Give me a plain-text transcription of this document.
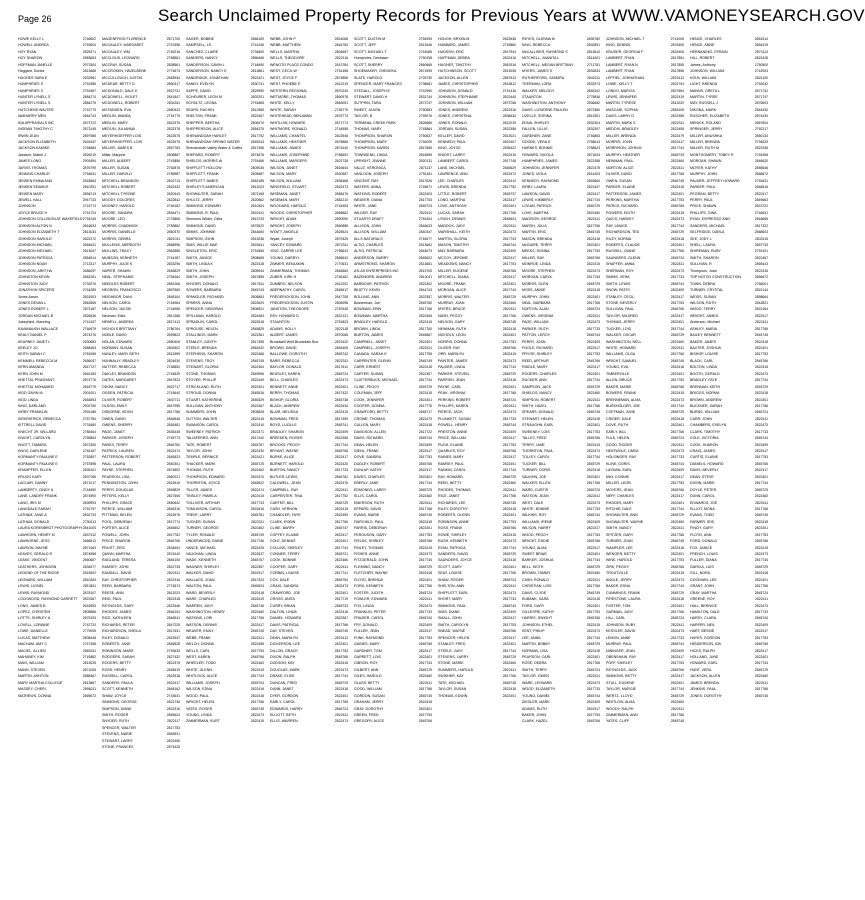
Page 26	Search Unclaimed Property Records for Previous Years at WWW.VAMONEYSEARCH.GOV
HOWE KELLY L	2746602
HOWELL ANDREA	2753604
HOY RYAN	2825371
HOY SHARON	2883663
HOFFMAN JANELLE	2973304
Hoggard, Donita	2813668
HUGHES SARA E	2632981
HUMPHRIES S	2751985
HUMPHRIES S	2751987
HUNTER LYNELL S	2884274
HUNTER LYNELL S	2884275
HUTCHENS WALTER	2742779
IAMHARRY MEN	2844743
IDA APPRAISALS INC	2873722
INGRAM TIMOTHY C	2873145
IRWIN JEAN	2897985
JACKSON ELIZABETH	2624347
JACKSON KAMIKE	2746684
Jackson, Mabel J	2826219
JAMES LONG	2903494
JARVIS THOMAS	2876799
JENKINS CHARLIE	2754631
JENSEN EMMA AND	2818663
JENSEN SEAMUS	2810251
JENSEN MARY	2894213
JEWELL HALL	2947733
JOHNSON	2715774
JOYCE BRUCE H	2751724
JOHNSON COLLISION AT WAKEFIELD 2754245
JOHNSON ALTON N	2816633
JOHNSON ELIZABETH T	2813034
JOHNSON HAROLD	2622272
JOHNSON MICHAEL	2654631
JOHNSON MICHAEL	2613047
JOHNSON PATRICIA	2854814
JOHNSON NOAH	2713317
JOHNSON, ARETHA	2686097
JOHNSTON KEVIN	2862261
JOHNSTON JUDY	2732076
JONATHON SPICERS	2744289
Jones Aaron	2831903
JONES DEVAN L	2862855
JONES ROBERT L	2871187
JORDAN MICHAEL B	2826636
Josephine, Manning	2741437
KAVANAUGH WALLACE	2746679
KEALY DANIEL P	2874276
KEARNEY JANET L	2630683
KEELEY JO	2688453
KEITH SARAH C	2781965
KEMMELL REBECCA M	2656047
KERN AMANDA	2647727
KERN JOHN M	2662183
KHETTAL PRASHANT	2874776
KHETTAL MOHAMED	2818779
KIDD GAVIN M	2901001
KIDD LINDA	2654893
KING, DARLAND	2902760
KIRBY FRANKLIN	2901186
KIRKPATRICK, REBECCA	2757784
KITTRELL DAVID	2731860
KNECHT JR. WILLARD	2785464
KNIGHT, CAROLYN	2755863
KNOTT, TAMARA	2872305
KNOX, DARLENE	2761167
KORMANTY PAULINE E	2752897
KORMANTY PAULINE E	2757898
KRAMPFER, ELLEN	2835101
KRUGG KARY	2870765
LACLAIR, DANNY	2871017
LAMBERTY, CINDY A	2744690
LANE, LANDRY FRANK	2874590
LANG, IRIS M	2839993
LANGDALE SARAH	2751797
LATHAM, JANE A	2832733
LATHAM, DONALD	2730413
LAURA KORENBROT PHOTOGRAPHY 2841004
LAWHORN, HENRY M	2837312
LAWHORNE, JESS	2666612
LAWSON, MAYNE	2871063
LEAVES, GERALD R	2874858
LEAKE, VINCENT	2660687
LEATHERS, JOHNSON	2834577
LEGEND OF THE RIDGE	2815502
LEONARD, WILLIAM	2810263
LEWIS, LIONEL	2813811
LEWIS, RAYMOND	2878107
LOCKWOOD, RAYMOND GARRETT 2837667
LONG, JAMES B	2616993
LOPEZ, CHRISTEN	2805885
LOTTS, SHIRLEY A	2675193
LOVELL, LORAINE	2742720
LOWE, DANIELLE	2779005
LUCAS, MATTHEW	2808448
MACHAM, AMY C	2747498
MACIEL, ALLIEN	2683311
MAHANEY, KIM	2749882
MAIN, WILLIAM	2813025
MANN, STEVEN	2871005
MARTIN, ASHTON	2888467
MARY MARTHA COLLEGE	2813867
MASSEY, CHERI	2896211
MATHEWS, DONNA	2869672
MAGENFROG FLORENCE	2871700
MCCAULEY, MARGARET	2757698
MCCAULEY, WM	2745216
MCCLOUD, LEONARD	2768561
MCCRAY, SUSAN	2838561
MCCROKEN, HAZELBENE	2774874
MCCULLOUGH, JUSTIN	2683934
MCDEAR, BETTY D	2860317
MCDONALD, DALE E	2822731
MCDOWELL, VIOLET	2841847
MCDOWELL, ROBERT	2834311
MCFADDEN, EVA	2860423
MEDLIN, WANDA	2744775
MEDLIN, MARY	2822375
MEDLIN, JULIANNA	2822376
MEYERHOEFFER LOIS	2822675
MEYERHOEFFER, LOIS	2822675
MILLER, JAMES B	2867763
Millar, Marjorie	2808867
MILLER, ALBERT	2743856
MILLER, SUSAN	2752876
MILLER, HAROLD	2789987
MITCHELL BRANDON	2831713
MITCHELL ROBERT	2822442
MITCHELL TYRONE	2820443
MOODY, DOLORES	2822842
MOONEY, HAROLD	2746162
MOORE, SANDRA	2846471
MOORE, LEO	2776866
MORRIS, CHADWICK	2783862
MORRIS, DANIELLE	2850370
MORRIS, DEBRA	2821011
MULLENIX, MEREDITH	2868996
MULLINS, TRACY	2862885
MUNSON, KENNETH	2744187
MURPHY, JULIE K	2833296
NAPIER, SHAWN	2846829
NEAL, STEPHANIE	2754464
NEEDLES ROBERT	2881266
NEGRON, FRANCISCO	2857560
NEIGHBOR, DANI	2848104
NELSON, CAROL	2744964
NELSON, JACOB	2744965
Neuman, Elliot	2811368
NEWELL, ANDREA	2817413
NICHOLS BRITTANY	2786764
NOBLE, DAVID	2899823
NOLAN, EDWARD	2850406
NORMAN, SUSAN	2803402
NUNLEY, MARY BETH	2812659
NUNNALLY, BRADLEY	2824630
NUTTER, REBECCA	2748852
OAKLEY, BRANDON	2744829
OATES, MARGARET	2847823
ODOM, NANCY	2822717
OGDEN, PATRICIA	2743640
OLIVER, ROBERT	2847711
OLSON, EMILY	2847955
OSBORNE, KEVIN	2817786
OWEN, DAVID	2846546
OWENS, SHERRY	2845481
PAGE, JANET	2835445
PARKER, JOSEPH	2745773
PARKS, TERRY	2845760
PATRICK, LAUREN	2822474
PATTERSON, ROBERT	2845523
PAUL, LAURA	2840301
PAYNE, STEPHEN	2874892
PEARSON, LISA	2860221
PENNINGTON, JOHN	2822616
PERRY, DOUGLAS	2845829
PETERS, KELLY	2817606
PHILLIPS, GRACE	2850642
PIERCE, WILLIAM	2846316
PITTMAN, HELEN	2822676
POOL, DEBORAH	2817774
PORTER, ALICE	2845602
POWELL, JOHN	2817762
PRICE, SHARON	2845766
PRUITT, ERIC	2834604
QUINN, MARTHA	2874442
RAGLAND, TERESA	2846106
RAMSEY, JOHN	2822735
RANDALL, DAVID	2822411
RAY, CHRISTOPHER	2822316
REED, BARBARA	2774874
REESE, ANN	2812023
REID, PAUL	2822318
REYNOLDS, GARY	2823346
RHODES, JAMES	2846104
RICE, KATHLEEN	2846541
RICHARDS, PETER	2847225
RICHARDSON, SHEILA	2817631
RILEY, DONALD	2822647
ROBERTS, JANE	2846528
ROBINSON, MARK	2753633
RODGERS, SARAH	2827432
ROGERS, BETTY	2822376
ROSS, HENRY	2845619
RUSSELL, CAROL	2822618
SANDERS, PAULA	2822417
SCOTT, KENNETH	2848162
SHAW, JOYCE	2743631
SIMMONS, GEORGE	2822736
SIMPSON, DIANE	2822316
SMITH, ROGER	2845624
SNYDER, RUTH	2822117
SPENCER, WALTER	2817753
STEVENS, MARIE	2845531
STEWART, LARRY	2822456
STONE, FRANCES	2874425
SAGER, BOBBIE	2866169
SAMPSELL, LE	2741446
SANCHEZ, CLAIRE	2734800
SANDERS, NANCY	2856466
SANDERSON, GAVIN L	2744690
SANDERSON, NANCY E	2813861
SANDRIDGE, JONATHAN	2822421
SANDY, EVELYN	2830741
SAPPE, DAVID	2829950
SCHEURER, LEON M	2802201
SCHOLTZ, LEONA	2751865
SEARS, RACHEL	2812985
SHELTON, FRANK	2822457
SHEPPER, BERTHA	2806470
SHEPPERSON, ALICE	2854375
SHENANDOAH HARLEY	2817792
SHENANDOAH SPRING WATER	2845243
Shenandoah Valley Water & Coffee	2817456
SHEPARD, ROBERT	2874876
SHIELDS, MORRIS W	2751666
SHIFFLETT HOLLOW	2809035
SHIFFLETT, FRANK	2805587
SHIFFLETT JAMES	2862185
SHIRLEY'S AMERICAN	2812023
SHOWALTER, SARAH	2871165
SHULTZ, JERRY	2820862
SIMMONS, EDWARD	2810404
SIMMONS, R. PAUL	2822441
Simmons Wilder, Celia	2813733
SIMMONS, DAVID	2875522
SIMMS, JOHNNIE	2844660
SIMPSON, JOHN	2813036
SIMS, WILLIE MAE	2822641
SINGLETON, ERIC	2751865
SMITH, JANICE	2808665
SMITH, LINDA K	2822418
SMITH, JOHN	2805944
SMITH, JOSEPH	2847855
SNYDER, DONALD	2817611
SOWERS, BARBARA	2845743
SPANGLER, RICHARD	2805863
SPARKS, ANNA	2822620
SPENCER, DEBORAH	2806521
SPILLMAN, HAROLD	2824483
SPRADLIN, CAROL	2822618
SPROUSE, HELEN	2845829
STALLINGS, MARK	2822361
STANLEY, JUDITH	2817455
STEELE, BRENDA	2863432
STEPHENS, SHARON	2822466
STEVENS, TROY	2845745
STEWART, GLORIA	2822364
STONE, THOMAS	2849996
STOVER, PHILLIP	2822449
STRICKLAND, RUTH	2822401
STROUD, DONNA	2845516
STUART, KATHERINE	2846329
SULLIVAN, ANTHONY	2822467
SUMMERS, JOHN	2805828
SUTTON, WALTER	2822415
SWANSON, CAROL	2822410
SWEENEY, PATRICK	2822371
TALIAFERRO, ANN	2817442
TATE, ROBERT	2845767
TAYLOR, JOHN	2822430
TEMPLE, BERNICE	2822421
THACKER, MARK	2845725
THOMAS, RUTH	2822462
THOMPSON, EDWARD	2822470
THORNTON, JOYCE	2845622
TILLER, JAMES	2822474
TINSLEY, PAMELA	2822415
TOLLIVER, ARTHUR	2817733
TOMLINSON, CAROL	2822616
TRENT, LARRY	2845781
TUCKER, SUSAN	2822311
TURNER, GEORGE	2822462
TYLER, RONALD	2845749
UNDERWOOD, DIANE	2817746
VANCE, MICHAEL	2822425
VAUGHAN, LINDA	2822637
WADE, KENNETH	2845767
WAGNER, SHIRLEY	2822357
WALKER, DAVID	2822417
WALLACE, JOAN	2817423
WALTON, PAUL	2845524
WARD, BEVERLY	2822418
WARE, CHARLES	2822419
WARREN, JUDY	2845746
WASHINGTON, HENRY	2822460
WATKINS, LORI	2817766
WATSON, DENNIS	2822417
WEAVER, EMILY	2845745
WEBB, FRANK	2822411
WELCH, DONNA	2822455
WELLS, CARL	2817753
WEST, KAREN	2845766
WHEELER, TODD	2822460
WHITE, GLENN	2822419
WHITLOCK, ALICE	2817743
WILLIAMS, JOSEPH	2845704
WILSON, EDNA	2822416
WOOD, PAUL	2822418
WRIGHT, HELEN	2817766
YATES, ROGER	2845745
YOUNG, LINDA	2822473
ZIMMERMAN, KURT	2822415
WEBB, JOHN P	2814068
WEBB, MATTHEW	2844763
WELLS, MARTHA	2804657
WELLS, THEODORE	2822116
WENOTO PLACE CONDO	2813784
WEST, CECIL W	2761458
WEST, JOYCE F	2874858
WEST, PHOEBE E	2812219
WESTERN REGIONAL	2870240
WETMORE, THOMAS	2860978
WHITE, KELLY	2863051
WHITE, SARAH	2745775
WHITEHEAD, BENJAMIN	2876773
WHITLOW, HOWARD	2871774
WHITMORE, RONALD	2744558
WILLIAMS, CHANTEL	2822546
WILLIAMS, HEATHER	2876866
WILLIAMS, JAMES	2874440
WILLIAMS, JOSEPHINE	2768602
WILLIAMS, MARGERY	2822728
WILSON, JANET	2816644
WILSON, MARY	2820487
WILSON, WILLIAM	2836468
WINGFIELD, STUART	2822473
WISEMAN, JANET	2868476
WISEMAN, MARY	2882210
WOODARD, HAROLD	2744453
WOODS, CHRISTOPHER	2868862
WRIGHT, ADAM	2890090
WRIGHT, JOSEPH	2860888
WYATT, ANGELA	2825524
Wyatt, Joseph	2879325
YANCEY, EDWARD	2872311
YING, CARRIE LEE	2765643
YOUNG, DARRYL	2865642
ZIMMER, BENJAMIN	2770631
ZIMMERMAN, THOMAS	2846560
ZUBER, KIRK H	2746162
ZUMBRO, NELSON	2812202
ABERNATHY, CAROL	2845617
FREDERICKSON, JOHN	2847708
FREDERICKSON, JUSTIN	2805098
JANSTON, THEODORE	2787645
REV. HOWARD D	2822121
STAUNTON	2751823
ADAMS, HOLLY	2822118
ALBERT, JAMES	2870066
Broadwell Wolf Brookdale Box	2822420
BROWN, DAVID	2846405
BALLOWE, DOROTHY	2863742
BARR, REBECCA	2822311
BAYLOR, DONALD	2817612
BEASLEY, KAREN	2845724
BELL, CHARLES	2822473
BENNETT, ANNE	2822401
BERRY, THOMAS	2817422
BISHOP, GLORIA	2845738
BLACK, ANDREW	2822434
BLAIR, MELISSA	2822415
BOWMAN, FRED	2817459
BOYD, LUCILLE	2845741
BRADLEY, SHARON	2822409
BREEDEN, ROGER	2822356
BROOKS, PEGGY	2817744
BRYANT, WAYNE	2845766
BURKE, ALICE	2822417
BURNETT, HAROLD	2822425
BURTON, NANCY	2817733
BUTLER, LEWIS	2845762
CALDWELL, JEAN	2822476
CAMPBELL, RAY	2822411
CARPENTER, TINA	2817752
CARTER, BILL	2845729
CASH, VERNON	2822415
CHANDLER, FAYE	2822459
CLARK, ROBIN	2817766
CLINE, BARRY	2845747
COFFEY, ELAINE	2822417
COLE, DENNIS	2822401
COLLINS, SHIRLEY	2817744
CONNER, TERRY	2845721
COOK, BONNIE	2822466
COOPER, GARY	2822411
CORBIN, LOUISE	2817741
COX, DALE	2845754
CRAIG, SANDRA	2822473
CRAWFORD, JOE	2822401
CROSS, ANITA	2817719
CURRY, BRIAN	2845733
DALTON, LINDA	2822418
DANIEL, HOWARD	2822367
DAVIS, PATRICIA	2817766
DAY, STEVEN	2845745
DEAN, MARILYN	2822412
DICKERSON, LEE	2822401
DILLON, GRACE	2817753
DIXON, RALPH	2845766
DODSON, KAY	2822415
DOUGLAS, MARK	2822473
DRAKE, ELSIE	2817744
DUNCAN, FRED	2845729
DUNN, JANET	2822418
DYER, GORDON	2822401
EARLY, CAROL	2817766
EDWARDS, HARRY	2845724
ELLIOTT, BETH	2822411
ELLIS, WARREN	2822473
SCOTT, DUSTIN M	2754905
SCOTT, JEFF	2813446
SCOTT, MICHAEL T	2744085
Humphries, Deshawn	2750198
SCOTT, SHERRY	2860665
SHOEMAKER, CHEDEKA	2871595
SLATE, HAROLD	2725730
SPENCER, MARY FRANCES	2738681
STEGALL, JOSEPH E	2742950
STEWART, DAVID H	2831744
SUTPHIN, TARA	2873737
SWEET, JASON	2750583
TAYLOR, B	2759076
TERMINAL CREEK PARK	2826666
THOMAS, MARY	2745864
THOMPSON, SHARON	2760637
THOMPSON, MARY	2746009
THOMPSON, KAREN	2817665
TOWNSEND, LINDA	2816655
UPRIGHT, JEANNE	2820131
VALLE, VERONICA	2871137
VANLOON, JOSEPH	2751181
VINCENT, RAY	2817626
WATERS, ANNA	2745671
WATKINS, ROBERT	2822403
WEAVER, DIANA	2817753
WHITE, JANE	2845723
WILDER, RAY	2822411
STUARTS DRAFT	2781404
ALLISON, JOHN	2846633
ALLISON, WILLIAM	2840347
ALLS NATURALS	2744677
ALTIG, CHARLES	2813662
ALTIG, PATRICIA	2844673
ANDERSON, BARRY	2845622
ARMSTRONG, SHARON	2813681
ATLAS ENTERPRISES INC	2813705
BAZEMORE, ANDREW	2813011
BARBOUR, PATRICK	2822402
BEATTY, KEVIN	2844743
BOLLING, ANN	2822357
Bosserman, Joe	2845760
BOWMAN, ERIN	2817766
BOWMAN, MARTHA	2822406
BRADLEY, HAROLD	2822415
BROWN, LINDA	2817760
BURTON, JAMES	2845667
CAMPBELL, JANET	2822401
CAMPBELL, JOSEPH	2822411
CANADA, SARAH E	2817755
CARPENTER, GLENN	2845745
CARR, ERNEST	2822418
CARTER, SUSAN	2822367
CLATTERBUCK, MICHAEL	2817744
CLINE, PEGGY	2845729
COLEMAN, JEFF	2822415
COOK, JENNIFER	2822401
COOPER, DONNA	2817776
CRAWFORD, BETTY	2845717
CROWE, THOMAS	2822473
CULLEN, MARY	2822418
DAVIDSON, ALLEN	2817722
DAVIS, RICHARD	2845744
DEAN, HELEN	2822409
DIEHL, FRANK	2822417
DOVE, SANDRA	2817753
DUDLEY, ROBERT	2845766
DUNLAP, KATHY	2822417
EAVES, CHARLES	2822401
EBERLY, JANE	2817744
EDMONDS, LARRY	2845729
ELLIS, CAROL	2822460
EMERSON, RUTH	2822411
EPPARD, DAVID	2817766
EVANS, MARIE	2845745
FAIRCHILD, PAUL	2822418
FARRIS, DEBORAH	2822401
FERGUSON, GARY	2817753
FIELDS, SHIRLEY	2845766
FINLEY, THOMAS	2822415
FISHER, ANNE	2822473
FITZGERALD, JOHN	2817744
FLEMING, NANCY	2845729
FLETCHER, WAYNE	2822418
FLOYD, BRENDA	2822401
FORD, KENNETH	2817766
FOSTER, JUDITH	2845724
FOWLER, EDWARD	2822411
FOX, LINDA	2822473
FRANKLIN, PETER	2817733
FRAZIER, CAROL	2845744
FRY, DONALD	2822409
FULLER, JEAN	2822417
FUNK, RAYMOND	2817753
GAINES, MARY	2845766
GARDNER, TOM	2822417
GARRETT, LOIS	2822401
GIBSON, ROY	2817744
GILBERT, ANN	2845729
GILES, HAROLD	2822460
GLASS, BETTY	2822411
GOOD, WILLIAM	2817766
GORDON, SUSAN	2845745
GRAHAM, JERRY	2822418
GRAY, DOROTHY	2822401
GREEN, FRED	2817753
GREGORY, ALICE	2845766
HOUGH, BRYAN M	2822536
HUBBARD, JAMES	2749860
HUDSON, ERIC	2817544
HUFFMAN, DEBRA	2822416
HUGHES, TIMOTHY	2867616
HUTCHINSON, SCOTT	2813035
JACKSON, ALLEN	2857613
JAMES, CHRISTOPHER	2813812
JOHNSON, DONALD	2741416
JOHNSON, STEPHANIE	2822440
JOHNSON, WILLIAM	2873768
JONES, ANDREW	2822316
JONES, CHRISTINA	2836634
JONES, RONALD	2812019
JORDAN, SUSAN	2822356
KELLER, DAVID	2813021
KENNEDY, PAUL	2822407
KING, JOYCE	2835422
KNIGHT, LARRY	2822416
LAMBERT, CAROL	2817745
LANE, MICHAEL	2845629
LAWRENCE, ANN	2822472
LEE, CHARLES	2822410
LEWIS, BRENDA	2817752
LITTLE, ROBERT	2845737
LONG, MARTHA	2822417
LOVE, ANTHONY	2822401
LUCAS, SARAH	2817766
LYNCH, DENNIS	2845624
MADDOX, JUDY	2822411
MARSHALL, KEITH	2822473
MARTIN, GLORIA	2817743
MASON, TIMOTHY	2845744
MAY, BARBARA	2822409
MCCOY, JEROME	2822417
MEADOWS, NANCY	2817753
MILLER, EUGENE	2845766
MITCHELL, DIANA	2822417
MOORE, FRANK	2822401
MORGAN, ALICE	2817744
MORRIS, WALTER	2845729
MURRAY, JOAN	2822460
MYERS, BRUCE	2822411
NASH, PEGGY	2817766
NELSON, GARY	2845745
NEWMAN, RUTH	2822418
NICHOLS, LEON	2822401
NORRIS, DONNA	2817753
OLIVER, RAY	2845766
ORR, MARILYN	2822415
PAINTER, JAMES	2822473
PALMER, LINDA	2817744
PARKER, STEVEN	2845729
PARRISH, JEAN	2822418
PAYNE, CARL	2822401
PEAK, VIRGINIA	2817766
PERKINS, ROBERT	2845724
PHILLIPS, KAREN	2822411
PIERCE, JACK	2822473
PLUNKETT, SUSAN	2817733
POWELL, HENRY	2845744
PRESTON, ANNE	2822409
PRICE, WILLIAM	2822417
PUGH, ELAINE	2817753
QUARLES, ROY	2845766
RAINES, MARY	2822417
RAMSEY, PAUL	2822401
RANKIN, CAROL	2817744
RAY, HOWARD	2845729
REED, BETTY	2822460
RHODES, THOMAS	2822411
RICE, JANET	2817766
RICHARDS, LEE	2845745
RILEY, DOROTHY	2822418
ROBERTS, GLENN	2822401
ROBINSON, ANNE	2817753
ROSS, FRANK	2845766
ROWE, SHIRLEY	2822415
RUSH, KENNETH	2822473
RYAN, PATRICIA	2817744
SANDERS, DAVID	2845729
SAUNDERS, JOYCE	2822418
SCOTT, GARY	2822401
SEAY, LOUISE	2817766
SHAW, ROGER	2845724
SHELTON, ANN	2822411
SHIFFLETT, EARL	2822473
SHORT, MARY	2817733
SIMMONS, PAUL	2845744
SIMS, DIANE	2822409
SMALL, JOHN	2822417
SMITH, CAROLYN	2817753
SNEAD, WAYNE	2845766
SPENCER, HELEN	2822417
STANLEY, FRED	2822401
STEELE, JUDY	2817744
STEVENS, LARRY	2845729
STONE, MARIE	2822460
SUMMERS, HAROLD	2822411
SWISHER, KAY	2817766
TATE, MICHAEL	2845745
TAYLOR, SUSAN	2822418
THOMAS, EDWIN	2822401
REYES, GLENNA M	2835780
KING, REBECCA	2832891
McCALLISER, RAYMOND S	2813614
MITCHELL, JUANITA L	2814401
MITCHELL, MEGAN BRITTANY	2711781
MYERS, JAMES S	2832834
RUTHERFORD, SANDRA	2842211
TEERMAN, LORA	2832573
WALKER, MELODY	2848102
STAUNTON	2775846
WASHINGTON, ANTHONY	2836682
DAVIS, LUSIERNE PAULEN	2873380
LIZELLE, SORINA	2813301
EDNA, SHIRLEY	2832304
FALLEN, LILLIE	2832307
GARDNER, ZANE	2746863
GOODE, VERA K	2768613
HARNES, BONNIE	2788623
HOWARD, NICOLA	2871643
HUMPHRIES, JAMES	2822358
JOHNSON, JENNIFER	2822475
JONES, VIOLA	2814403
KENNEDY, RAYMOND	2845664
KIRBY, LAURA	2822407
LAWSON, DAVID	2822417
LEWIS, KIMBERLY	2817744
LOGAN, PATRICK	2845729
LOVE, MARTHA	2822460
MADISON, GEORGE	2822411
MARSH, JULIA	2817766
MARTIN, ERIC	2845745
MASON, BRENDA	2822418
McGUIRE, TERRY	2822401
MEEKS, DONNA	2817753
MILLER, RAY	2845766
MONROE, LINDA	2822415
MOORE, STEPHEN	2822473
MORGAN, CAROL	2817744
MORRIS, GLEN	2845729
MOSS, ANNIE	2822418
MURPHY, JOHN	2822401
NEAL, BARBARA	2817766
NORTON, ALAN	2845724
OWENS, VIRGINIA	2822411
PAGE, WILLIAM	2822473
PARKER, RUTH	2817733
PATTON, LEROY	2845744
PERRY, JOAN	2822409
POOLE, RICHARD	2822417
PRYOR, SHIRLEY	2817753
REED, ARTHUR	2845766
RIDDLE, MARY	2822417
ROGERS, CHARLES	2822401
RUCKER, ANN	2817744
SAMPSON, JACK	2845729
SHIELDS, NANCY	2822460
SIMPSON, ROBERT	2822411
SMITH, HAZEL	2817766
SPEARS, DONALD	2845745
STEWART, HELEN	2822418
STRAUGHN, EARL	2822401
SWEENEY, LOIS	2817753
TALLEY, FRED	2845766
TERRY, JANE	2822415
THORNTON, PAUL	2822473
TOLLEY, CAROL	2817744
TUCKER, BILL	2845729
TURNER, DORIS	2822418
VAUGHN, JOE	2822401
WALKER, ELLEN	2817766
WARD, CURTIS	2845724
WATSON, JEAN	2822411
WEST, DALE	2822473
WHITE, BONNIE	2817733
WILKINS, ROY	2845744
WILLIAMS, IRENE	2822409
WILSON, HARRY	2822417
WOOD, PEGGY	2817753
WRIGHT, EDDIE	2845766
YOUNG, ALMA	2822417
SWEET BRIAR	2822401
BARKER, JOSHUA	2817744
BELL, KEITH	2845729
BROWN, TAMMY	2822460
CASH, RONALD	2822411
CHRISTIAN, LOIS	2817766
DAVIS, CLYDE	2845745
EUBANK, SARA	2822418
FORD, GARY	2822401
GILLESPIE, KATHY	2817753
HARRIS, DWIGHT	2845766
JOHNSON, ETHEL	2822415
KENT, PHILIP	2822473
LEE, ANNA	2817744
MARTIN, BOBBY	2845729
NORMAN, LISA	2822418
PEARSON, CARL	2822401
ROSE, DEBRA	2817766
SMITH, TERRY	2845724
TAYLOR, GWEN	2822411
WARE, LEONARD	2822473
WOOD, ELIZABETH	2817733
YOUNG, DANIEL	2845744
ZIEGLER, MARK	2822409
ADAMS, RUTH	2822417
BAKER, JOHN	2817753
CLARK, HAZEL	2845766
JOHNSON, MICHAEL T	2741005
KING, DENNIS	2876405
KRUGER, GEORGIA F	2824406
LAMBERT, RYAN	2817854
LAMBERT, RYAN N	2817855
LAMBERT, RYAN	2817856
LEFFIEL, JOHNATHAN	2822412
LOWE, KELLY T	2831704
LONDO, MARCIA	2827654
LEWIS, JENNIFER	2822419
MARTIN, TYRESE	2812020
MASCARI, SOPHIA	2853105
DAVIS, LARRY D	2822358
MARTIN, MARK S	2822311
MEDDIX, BRADLEY	2822408
MILLER, BRENDA	2822479
MORRIS, JOHN	2822417
MORRISON, JOHN M	2817744
MURPHY, HEATHER	2845729
NEWMAN, PAUL	2822460
NORTON, ALICE	2822411
OLIVER, DAVID	2817766
OWEN, SUSAN	2845745
PARKER, ELAINE	2822418
PATTERSON, JAMES	2822401
PERKINS, MARTHA	2817753
PIERCE, RICHARD	2845766
POWERS, EDITH	2822415
QUICK, HARVEY	2822473
RAY, JANICE	2817744
RICHARDSON, TED	2845729
RILEY, NORMA	2822418
ROBERTS, CLAUDE	2822401
RUSSELL, DIANE	2817766
SAUNDERS, GLENN	2845724
SHAFFER, ANNA	2822411
SHERMAN, ROY	2822473
SIMMS, VERA	2817733
SMITH, LEWIS	2845744
SNOW, PATSY	2822409
STANLEY, CECIL	2822417
STONE, BEVERLY	2817753
SULLIVAN, PAUL	2845766
TAYLOR, MILDRED	2822417
THOMAS, JERRY	2822401
TUCKER, LOIS	2817744
WALKER, OSCAR	2845729
WASHINGTON, NELL	2822460
WHITE, HOWARD	2822411
WILLIAMS, OLGA	2817766
WRIGHT, SAMUEL	2845745
YOUNG, EVA	2822418
TIMBERVILLE	2822401
ALLEN, BRUCE	2817753
BAKER, MARIE	2845766
BOWERS, FRANK	2822415
BRENNEMAN, ALMA	2822473
BURKHOLDER, JOE	2817744
COFFMAN, JUNE	2845729
CRIDER, DALE	2822418
DOVE, RUTH	2822401
EARLY, BILL	2817766
FULK, HELEN	2845724
GOOD, ROGER	2822411
HEATWOLE, LINDA	2822473
HOLSINGER, RAY	2817733
KLINE, DORIS	2845744
LAYMAN, EARL	2822409
MAY, CONNIE	2822417
MILLER, LEON	2817753
MOYERS, JEAN	2845766
NEFF, CHARLES	2822417
RHODES, MARY	2822401
RITCHIE, DALE	2817744
SHOWALTER, ANN	2845729
SHOWALTER, WAYNE	2822460
SMITH, NANCY	2822411
SPITZER, GARY	2817766
TURNER, JOAN	2845745
WAMPLER, LEE	2822418
WENGER, BETTY	2822401
WINE, HAROLD	2817753
ZIRK, PEGGY	2845766
TROUTVILLE	2822415
ANGLE, JERRY	2822473
BAKER, EDNA	2817744
CUMMINGS, FRANK	2845729
FIRESTONE, LAURA	2822418
FOSTER, TOM	2822401
GARMAN, JUDY	2817766
HILL, CARL	2845724
JOHNSON, RUBY	2822411
KESSLER, DAVID	2822473
LEMON, ANNE	2817733
MURRAY, PAUL	2845744
NININGER, JEAN	2822409
OBENSHAIN, RAY	2822417
POFF, SHIRLEY	2817753
REYNOLDS, JACK	2845766
SIMMONS, BETTY	2822417
STULL, EUGENE	2822401
TAYLOR, MARGIE	2817744
WERTZ, LLOYD	2845729
WHITLOW, ALMA	2822460
WOODY, RALPH	2822411
ZIMMERMAN, ANN	2817766
YATES, CLIFF	2845745
HENCE, CHARLES	2851514
HENCE, ANNE	2854319
HERNANDEZ, EFRAIN	2874113
HILL, ROBERT	2822428
James, Anthony	2760500
JOHNSON, WILLIAM	2742903
KOLB, WILLIAM	2821100
LIGHT, BRENDA	2752032
MANNS, GRETA L	2871742
MARTIN, TYREE	2871747
MAY, RUSSELL J	2876603
NIKONA, MARK	2844432
RUSCHER, ELIZABETH	2874430
MENICK, ROLAND	2867604
SPRINGER, JERRY	2762217
MILLER, ANUSHKA	2850134
MILLER, BRENDA	2794633
MILLER, RUTH M	2822336
MONTGOMERY, TOBEY R	2745268
MORGAN, SHAWN	2846620
MOYER, KATHY	2855646
MURPHY, JOHN	2868672
PALMER, JEFFREY HOWARD	2752631
PARKER, PAUL	2846816
PEGRAM, BETTY	2822417
PERRY, PAUL	2849663
PRICE, SHAWN	2837222
PHILLIPS, GINA	2746631
RYAN, ESPRESSO AND	2818665
SANDERS, MICHAEL	2817322
SELFRIDGE, DARLA	2868603
SEE, JODY L	2833115
SHELL, LAURA	2857733
SHIREMAN, RUBY	2753101
SMITH, SHARON	2822467
SULLIVAN, R	2855443
Thompson, Joan	2822416
TOP NOTCH CONSTRUCTION	2856672
TOWN, DEBRA	2766001
TURNER, CRYSTAL	2822144
WEISS, SUSAN	2858664
WILSON, RUTH	2842821
WOOD, TERRY	2822164
WRIGHT, JAMES	2822417
Anderson, Michael	2822411
ASHLEY, MARIA	2817766
BAILEY, BENNETT	2845745
BAKER, JAMES	2822418
BAXTER, JOSHUA	2822401
BISHOP, LOUISE	2817753
BLACK, CARL	2845766
BOLTON, LINDA	2822415
BOOTH, GERALD	2822473
BRADLEY, FAYE	2817744
BRENNAN, KEITH	2845729
BRIGGS, NORMA	2822418
BROWN, ANDREW	2822401
BUCKNER, SARAH	2817766
BURNS, WILLIAM	2845724
CARR, JOHN	2822411
CHAMBERS, EVELYN	2822473
CLARK, TIMOTHY	2817733
COLE, VICTORIA	2845744
COOK, SHARON	2822409
CRAIG, JAMES	2822417
CURTIS, ELAINE	2817753
DANIELS, HOWARD	2845766
DAVIS, BEVERLY	2822417
DEAN, STEVE	2822401
DIXON, MARIE	2817744
DOYLE, PETER	2845729
DUNN, CAROL	2822460
EDWARDS, JOE	2822411
ELLIOT, MONA	2817766
EVANS, TODD	2845745
FARMER, IRIS	2822418
FINCH, GARY	2822401
FLOYD, ANN	2817753
FORD, DONALD	2845766
FOX, JANICE	2822415
FRENCH, LOUIS	2822473
FULLER, DIANA	2817744
GARCIA, LUIS	2845729
GILL, NORA	2822418
GOODWIN, LEE	2822401
GRANT, JOHN	2817766
GRAY, MARTHA	2845724
GREENE, ROY	2822411
HALL, BERNICE	2822473
HAMILTON, DALE	2817733
HARDY, CLARA	2845744
HARPER, NEIL	2822409
HART, BESSIE	2822417
HAYES, GORDON	2817753
HENDERSON, IDA	2845766
HICKS, RALPH	2822417
HOLLAND, JUNE	2822401
HOWARD, EARL	2817744
HUNT, VERA	2845729
JACKSON, ALLEN	2822460
JAMES, BRENDA	2822411
JENKINS, PAUL	2817766
JONES, DOROTHY	2845745
